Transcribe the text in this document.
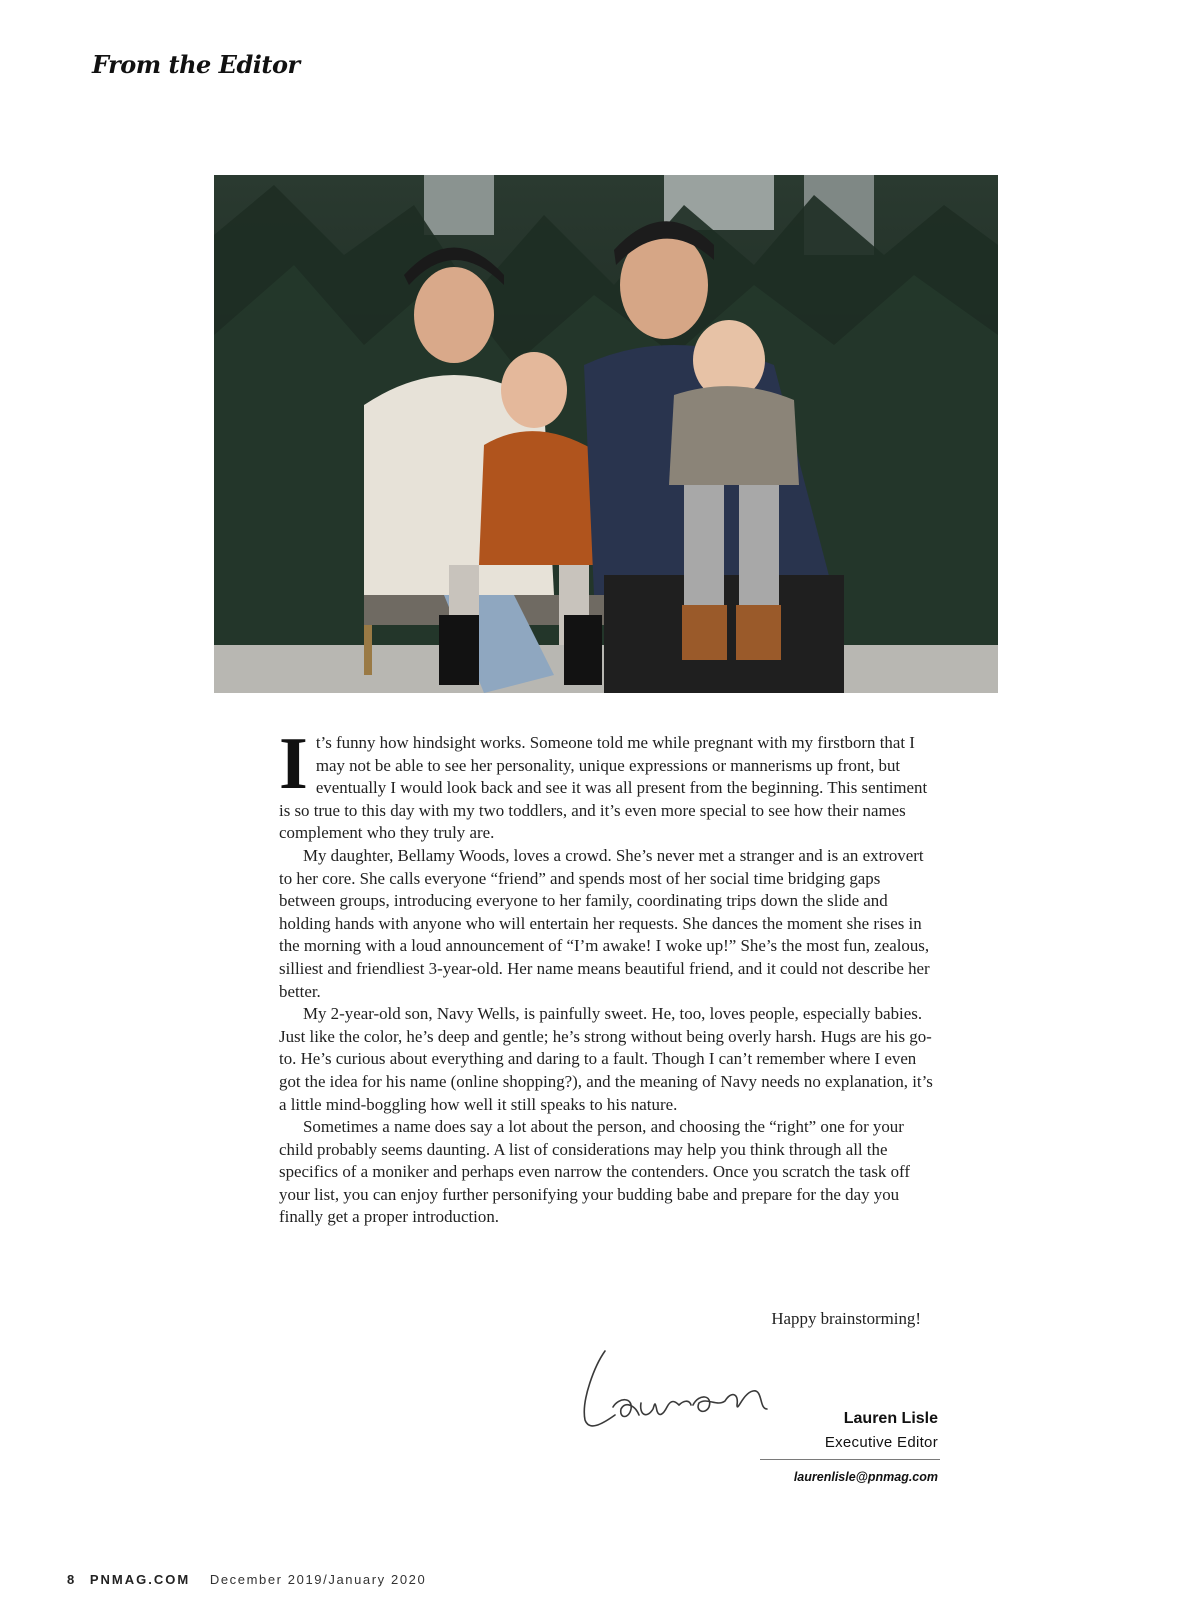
From the Editor

It’s funny how hindsight works. Someone told me while pregnant with my firstborn that I may not be able to see her personality, unique expressions or mannerisms up front, but eventually I would look back and see it was all present from the beginning. This sentiment is so true to this day with my two toddlers, and it’s even more special to see how their names complement who they truly are.

My daughter, Bellamy Woods, loves a crowd. She’s never met a stranger and is an extrovert to her core. She calls everyone “friend” and spends most of her social time bridging gaps between groups, introducing everyone to her family, coordinating trips down the slide and holding hands with anyone who will entertain her requests. She dances the moment she rises in the morning with a loud announcement of “I’m awake! I woke up!” She’s the most fun, zealous, silliest and friendliest 3-year-old. Her name means beautiful friend, and it could not describe her better.

My 2-year-old son, Navy Wells, is painfully sweet. He, too, loves people, especially babies. Just like the color, he’s deep and gentle; he’s strong without being overly harsh. Hugs are his go-to. He’s curious about everything and daring to a fault. Though I can’t remember where I even got the idea for his name (online shopping?), and the meaning of Navy needs no explanation, it’s a little mind-boggling how well it still speaks to his nature.

Sometimes a name does say a lot about the person, and choosing the “right” one for your child probably seems daunting. A list of considerations may help you think through all the specifics of a moniker and perhaps even narrow the contenders. Once you scratch the task off your list, you can enjoy further personifying your budding babe and prepare for the day you finally get a proper introduction.

Happy brainstorming!
Lauren Lisle
Executive Editor
laurenlisle@pnmag.com
8 PNMAG.COM December 2019/January 2020
